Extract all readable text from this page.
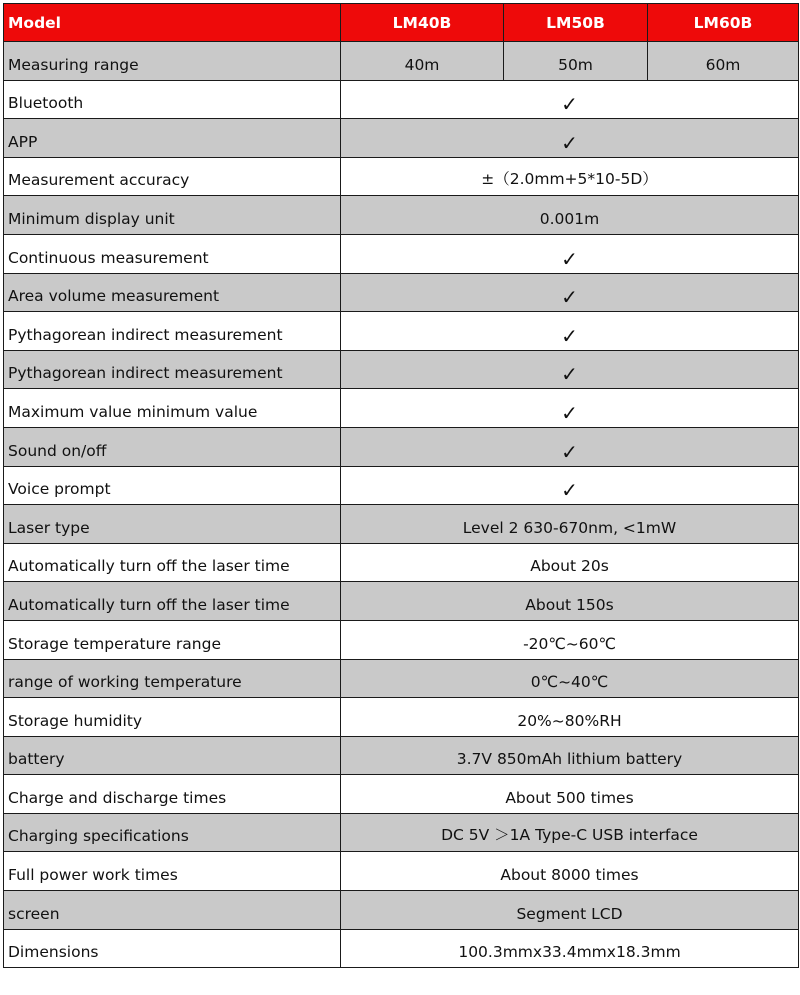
Model	LM40B	LM50B	LM60B
Measuring range	40m	50m	60m
Bluetooth	✓		
APP	✓		
Measurement accuracy	±（2.0mm+5*10-5D）		
Minimum display unit	0.001m		
Continuous measurement	✓		
Area volume measurement	✓		
Pythagorean indirect measurement	✓		
Pythagorean indirect measurement	✓		
Maximum value minimum value	✓		
Sound on/off	✓		
Voice prompt	✓		
Laser type	Level 2 630-670nm, <1mW		
Automatically turn off the laser time	About 20s		
Automatically turn off the laser time	About 150s		
Storage temperature range	-20℃~60℃		
range of working temperature	0℃~40℃		
Storage humidity	20%~80%RH		
battery	3.7V 850mAh lithium battery		
Charge and discharge times	About 500 times		
Charging specifications	DC 5V ＞1A Type-C USB interface		
Full power work times	About 8000 times		
screen	Segment LCD		
Dimensions	100.3mmx33.4mmx18.3mm		
